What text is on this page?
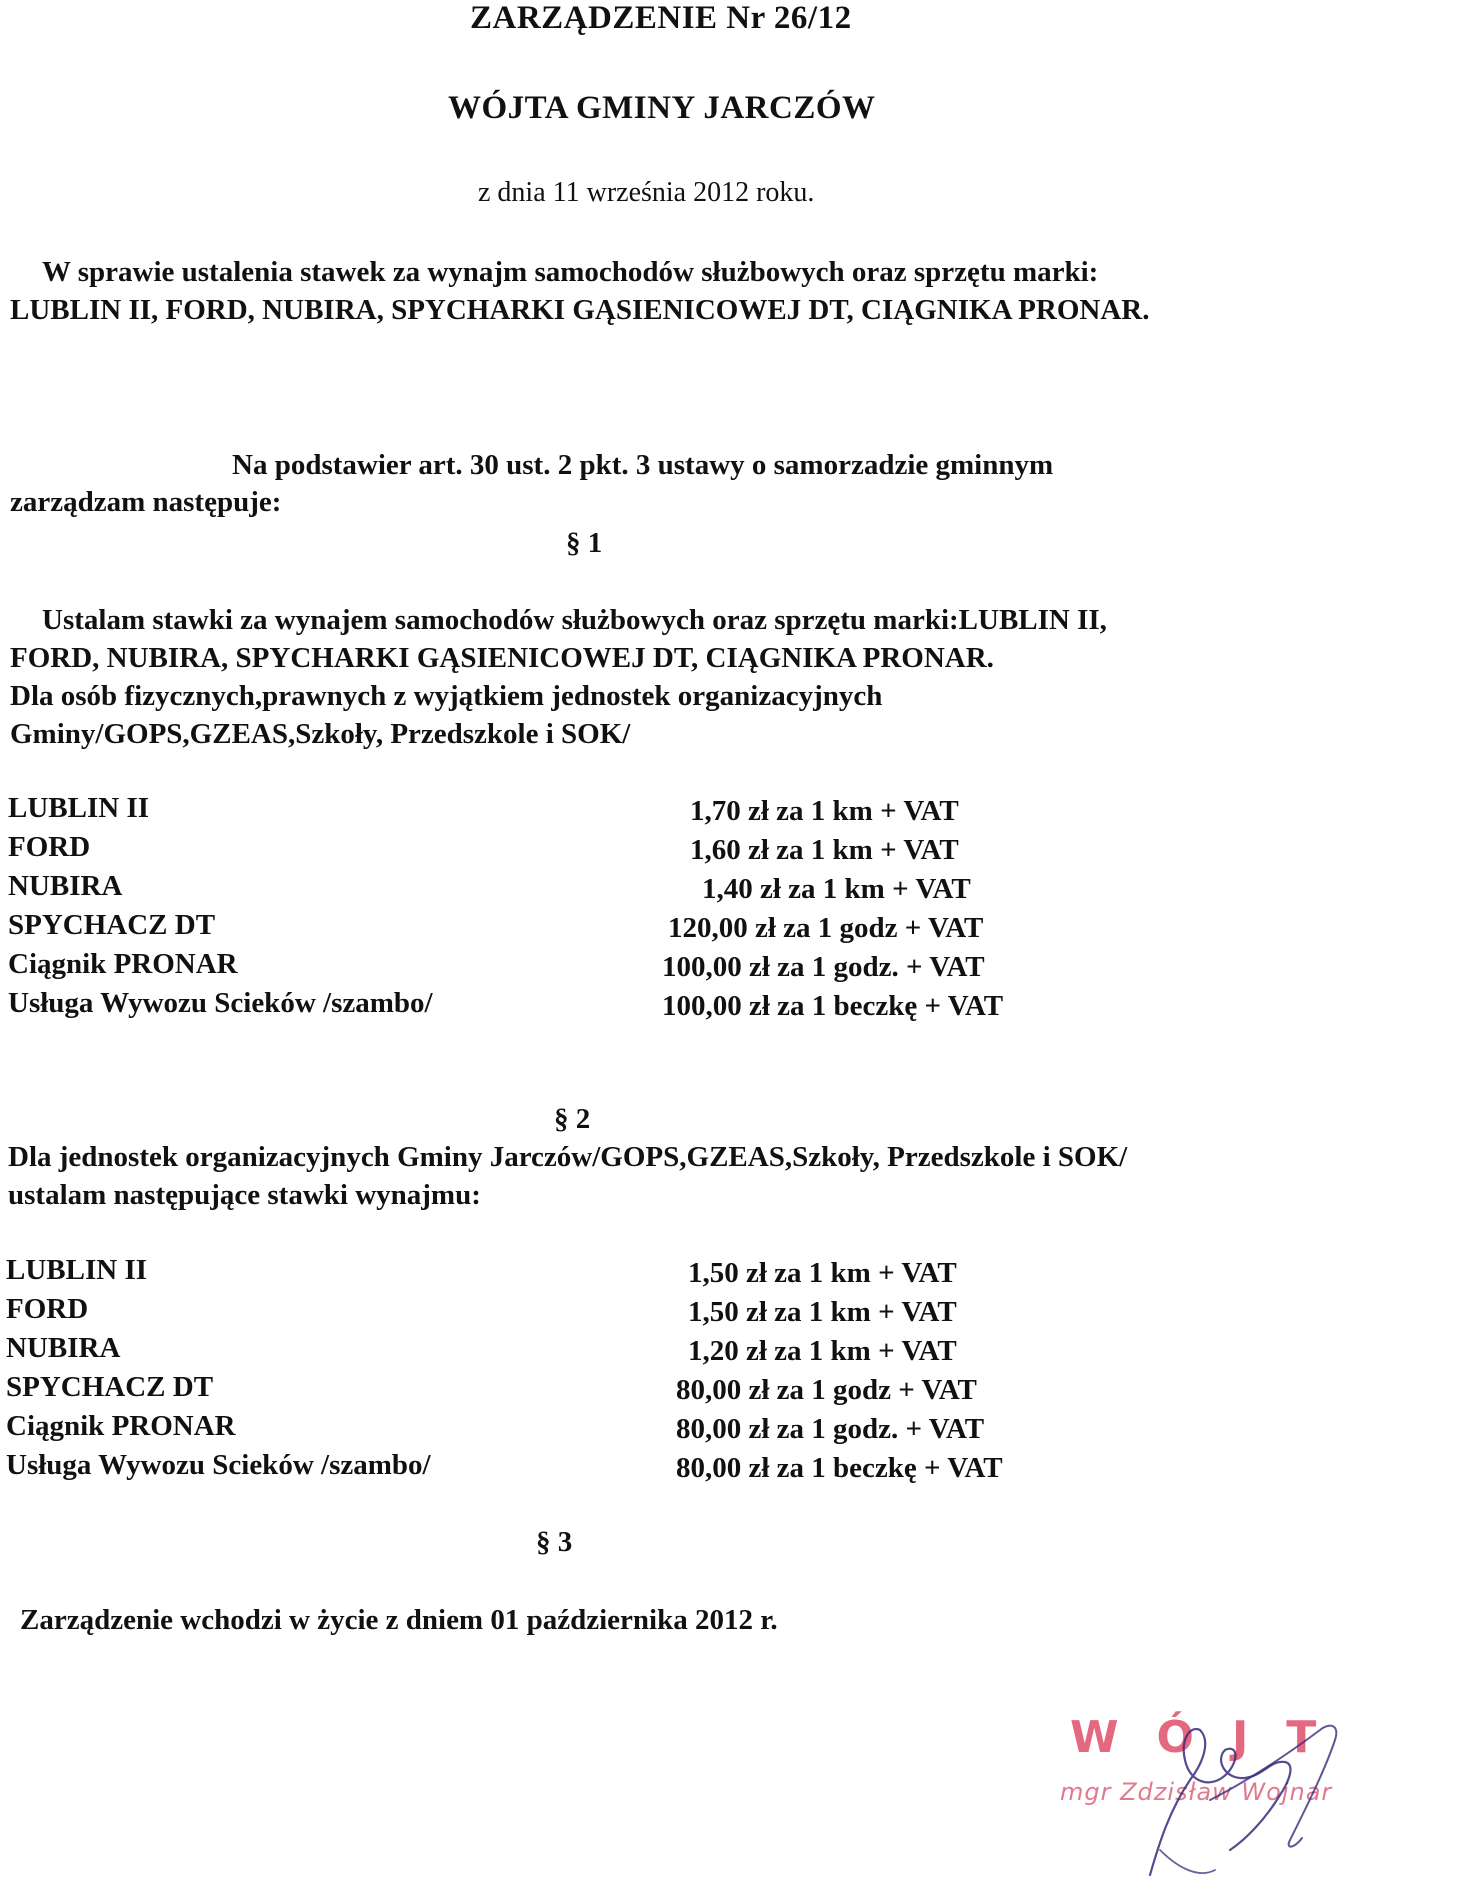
ZARZĄDZENIE Nr 26/12

WÓJTA GMINY JARCZÓW

z dnia 11 września 2012 roku.

W sprawie ustalenia stawek za wynajm samochodów służbowych oraz sprzętu marki:

LUBLIN II, FORD, NUBIRA, SPYCHARKI GĄSIENICOWEJ DT, CIĄGNIKA PRONAR.

Na podstawier art. 30 ust. 2 pkt. 3 ustawy o samorzadzie gminnym

zarządzam następuje:

§ 1

Ustalam stawki za wynajem samochodów służbowych oraz sprzętu marki:LUBLIN II,

FORD, NUBIRA, SPYCHARKI GĄSIENICOWEJ DT, CIĄGNIKA PRONAR.

Dla osób fizycznych,prawnych z wyjątkiem jednostek organizacyjnych

Gminy/GOPS,GZEAS,Szkoły, Przedszkole i SOK/

LUBLIN II	1,70 zł za 1 km + VAT

FORD	1,60 zł za 1 km + VAT

NUBIRA	1,40 zł za 1 km + VAT

SPYCHACZ DT	120,00 zł za 1 godz + VAT

Ciągnik PRONAR	100,00 zł za 1 godz. + VAT

Usługa Wywozu Scieków /szambo/	100,00 zł za 1 beczkę + VAT

§ 2

Dla jednostek organizacyjnych Gminy Jarczów/GOPS,GZEAS,Szkoły, Przedszkole i SOK/

ustalam następujące stawki wynajmu:

LUBLIN II	1,50 zł za 1 km + VAT

FORD	1,50 zł za 1 km + VAT

NUBIRA	1,20 zł za 1 km + VAT

SPYCHACZ DT	80,00 zł za 1 godz + VAT

Ciągnik PRONAR	80,00 zł za 1 godz. + VAT

Usługa Wywozu Scieków /szambo/	80,00 zł za 1 beczkę + VAT

§ 3

Zarządzenie wchodzi w życie z dniem 01 października 2012 r.

WÓJT
mgr Zdzisław Wojnar
